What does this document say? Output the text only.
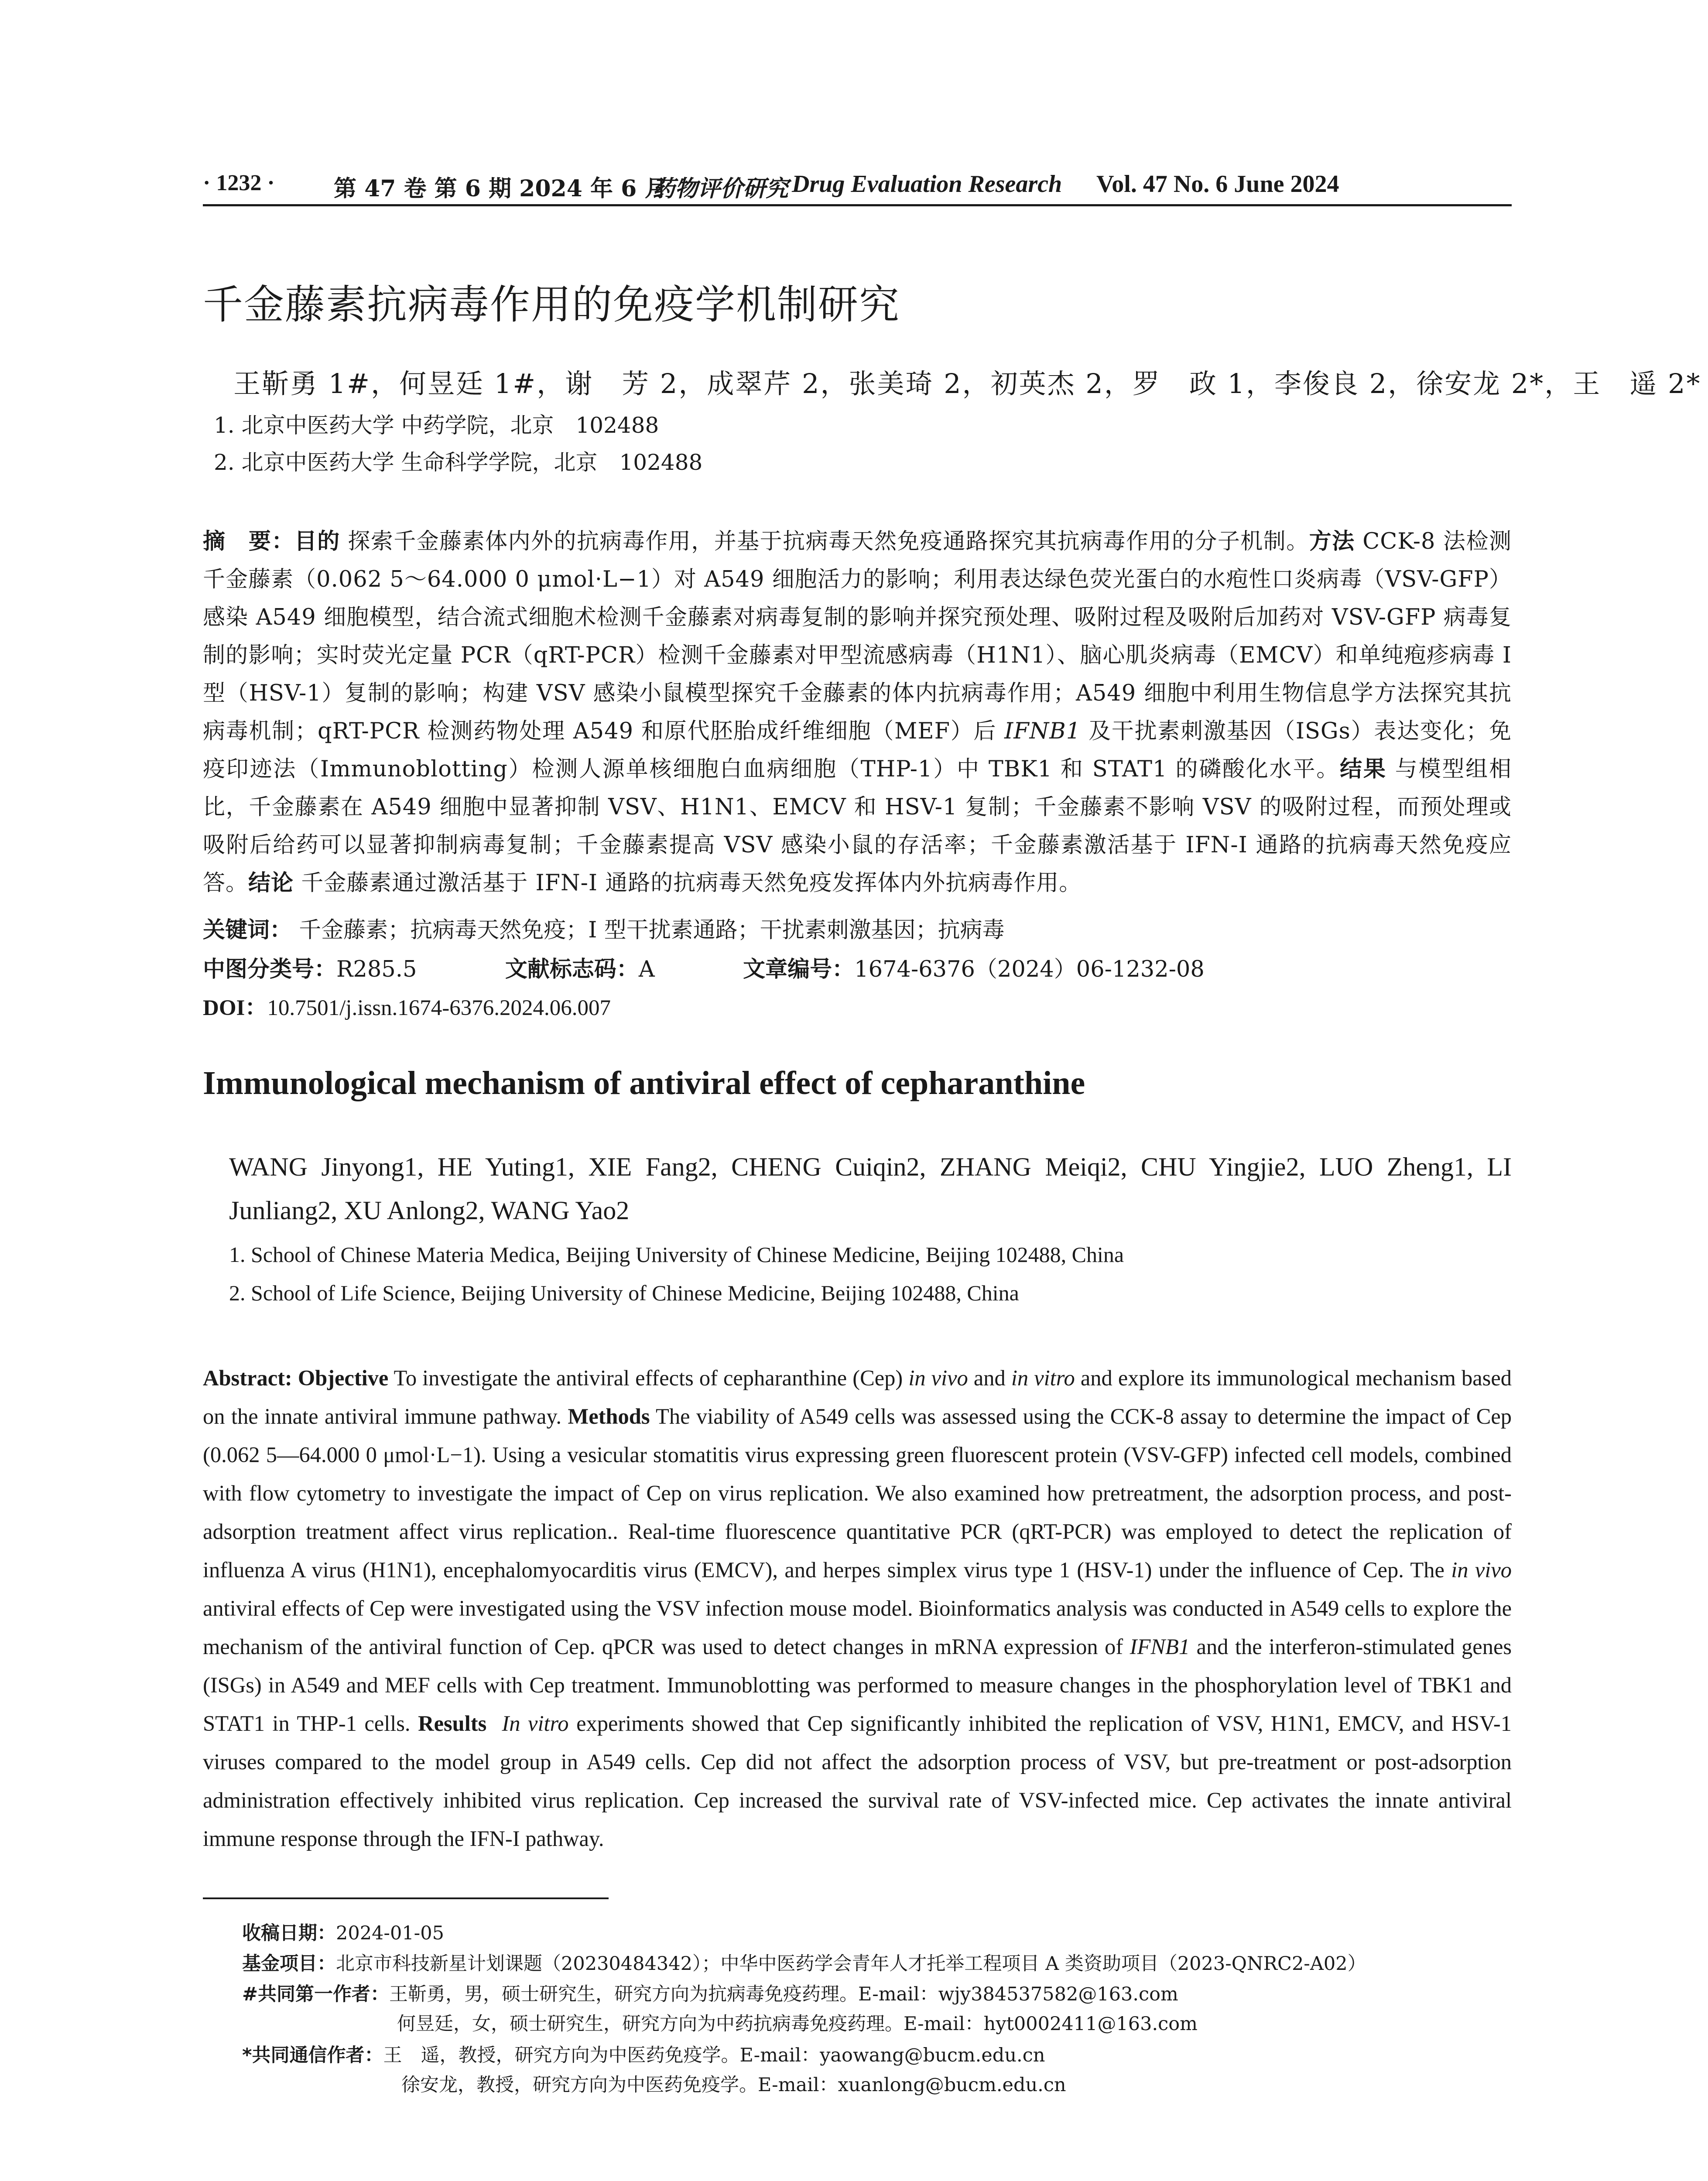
· 1232 ·	第 47 卷 第 6 期 2024 年 6 月
药物评价研究 Drug Evaluation Research Vol. 47 No. 6 June 2024
千金藤素抗病毒作用的免疫学机制研究
王靳勇 1#，何昱廷 1#，谢　芳 2，成翠芹 2，张美琦 2，初英杰 2，罗　政 1，李俊良 2，徐安龙 2*，王　遥 2*
1. 北京中医药大学 中药学院，北京　102488
2. 北京中医药大学 生命科学学院，北京　102488
摘　要：目的 探索千金藤素体内外的抗病毒作用，并基于抗病毒天然免疫通路探究其抗病毒作用的分子机制。方法 CCK-8 法检测千金藤素（0.062 5～64.000 0 μmol·L−1）对 A549 细胞活力的影响；利用表达绿色荧光蛋白的水疱性口炎病毒（VSV-GFP）感染 A549 细胞模型，结合流式细胞术检测千金藤素对病毒复制的影响并探究预处理、吸附过程及吸附后加药对 VSV-GFP 病毒复制的影响；实时荧光定量 PCR（qRT-PCR）检测千金藤素对甲型流感病毒（H1N1）、脑心肌炎病毒（EMCV）和单纯疱疹病毒 I 型（HSV-1）复制的影响；构建 VSV 感染小鼠模型探究千金藤素的体内抗病毒作用；A549 细胞中利用生物信息学方法探究其抗病毒机制；qRT-PCR 检测药物处理 A549 和原代胚胎成纤维细胞（MEF）后 IFNB1 及干扰素刺激基因（ISGs）表达变化；免疫印迹法（Immunoblotting）检测人源单核细胞白血病细胞（THP-1）中 TBK1 和 STAT1 的磷酸化水平。结果 与模型组相比，千金藤素在 A549 细胞中显著抑制 VSV、H1N1、EMCV 和 HSV-1 复制；千金藤素不影响 VSV 的吸附过程，而预处理或吸附后给药可以显著抑制病毒复制；千金藤素提高 VSV 感染小鼠的存活率；千金藤素激活基于 IFN-I 通路的抗病毒天然免疫应答。结论 千金藤素通过激活基于 IFN-I 通路的抗病毒天然免疫发挥体内外抗病毒作用。
关键词： 千金藤素；抗病毒天然免疫；I 型干扰素通路；干扰素刺激基因；抗病毒
中图分类号：R285.5	文献标志码：A	文章编号：1674-6376（2024）06-1232-08
DOI：10.7501/j.issn.1674-6376.2024.06.007
Immunological mechanism of antiviral effect of cepharanthine
WANG Jinyong1, HE Yuting1, XIE Fang2, CHENG Cuiqin2, ZHANG Meiqi2, CHU Yingjie2, LUO Zheng1, LI
Junliang2, XU Anlong2, WANG Yao2
1. School of Chinese Materia Medica, Beijing University of Chinese Medicine, Beijing 102488, China
2. School of Life Science, Beijing University of Chinese Medicine, Beijing 102488, China
Abstract: Objective To investigate the antiviral effects of cepharanthine (Cep) in vivo and in vitro and explore its immunological mechanism based on the innate antiviral immune pathway. Methods The viability of A549 cells was assessed using the CCK-8 assay to determine the impact of Cep (0.062 5—64.000 0 μmol·L−1). Using a vesicular stomatitis virus expressing green fluorescent protein (VSV-GFP) infected cell models, combined with flow cytometry to investigate the impact of Cep on virus replication. We also examined how pretreatment, the adsorption process, and post-adsorption treatment affect virus replication.. Real-time fluorescence quantitative PCR (qRT-PCR) was employed to detect the replication of influenza A virus (H1N1), encephalomyocarditis virus (EMCV), and herpes simplex virus type 1 (HSV-1) under the influence of Cep. The in vivo antiviral effects of Cep were investigated using the VSV infection mouse model. Bioinformatics analysis was conducted in A549 cells to explore the mechanism of the antiviral function of Cep. qPCR was used to detect changes in mRNA expression of IFNB1 and the interferon-stimulated genes (ISGs) in A549 and MEF cells with Cep treatment. Immunoblotting was performed to measure changes in the phosphorylation level of TBK1 and STAT1 in THP-1 cells. Results In vitro experiments showed that Cep significantly inhibited the replication of VSV, H1N1, EMCV, and HSV-1 viruses compared to the model group in A549 cells. Cep did not affect the adsorption process of VSV, but pre-treatment or post-adsorption administration effectively inhibited virus replication. Cep increased the survival rate of VSV-infected mice. Cep activates the innate antiviral immune response through the IFN-I pathway.
收稿日期：2024-01-05
基金项目：北京市科技新星计划课题（20230484342）；中华中医药学会青年人才托举工程项目 A 类资助项目（2023-QNRC2-A02）
#共同第一作者：王靳勇，男，硕士研究生，研究方向为抗病毒免疫药理。E-mail：wjy384537582@163.com
何昱廷，女，硕士研究生，研究方向为中药抗病毒免疫药理。E-mail：hyt0002411@163.com
*共同通信作者：王　遥，教授，研究方向为中医药免疫学。E-mail：yaowang@bucm.edu.cn
徐安龙，教授，研究方向为中医药免疫学。E-mail：xuanlong@bucm.edu.cn
